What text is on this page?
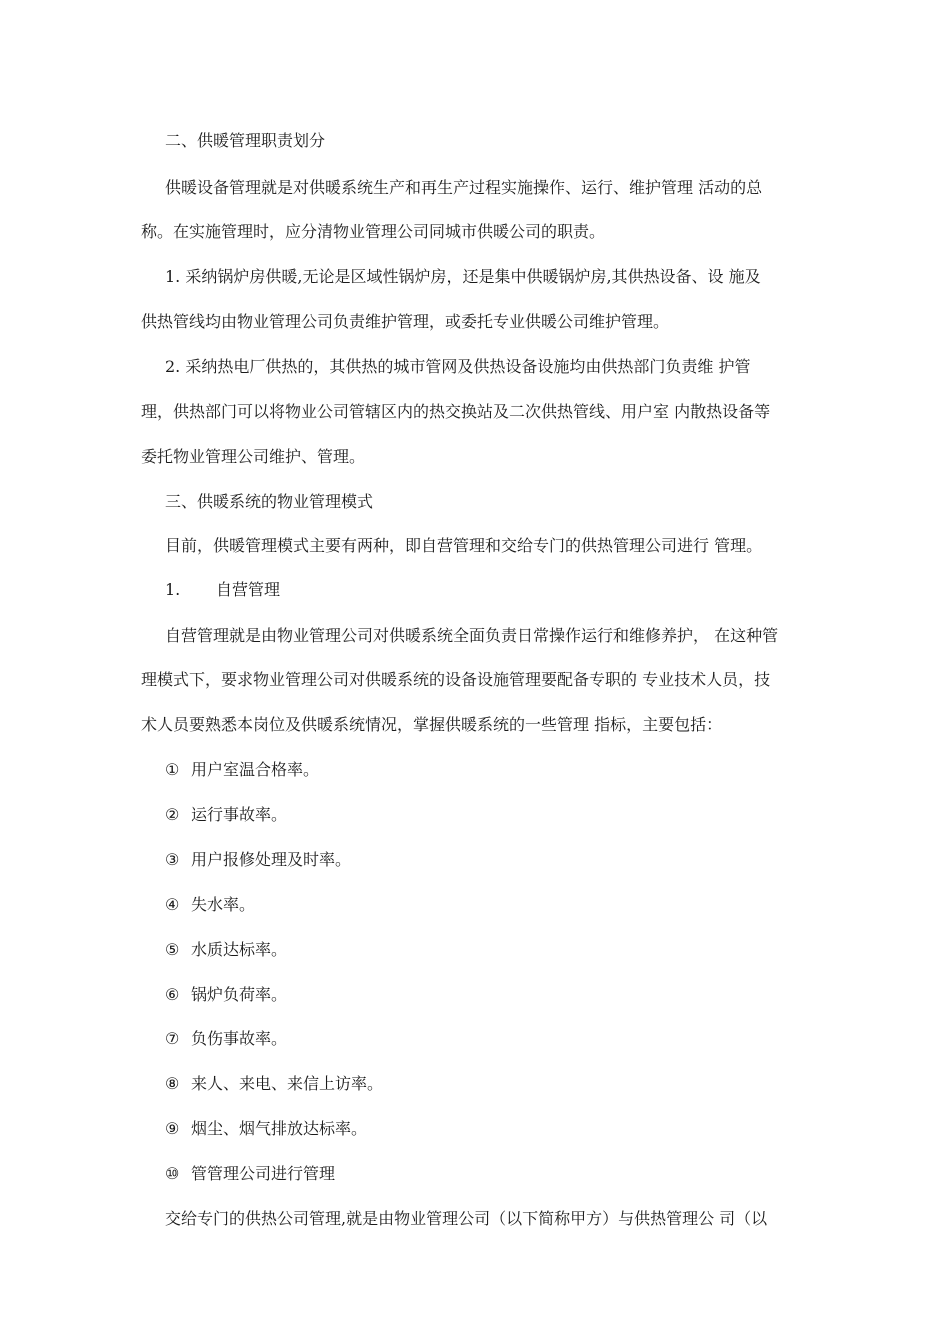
二、供暖管理职责划分
供暖设备管理就是对供暖系统生产和再生产过程实施操作、运行、维护管理 活动的总
称。在实施管理时，应分清物业管理公司同城市供暖公司的职责。
1. 采纳锅炉房供暖,无论是区域性锅炉房，还是集中供暖锅炉房,其供热设备、设 施及
供热管线均由物业管理公司负责维护管理，或委托专业供暖公司维护管理。
2. 采纳热电厂供热的，其供热的城市管网及供热设备设施均由供热部门负责维 护管
理，供热部门可以将物业公司管辖区内的热交换站及二次供热管线、用户室 内散热设备等
委托物业管理公司维护、管理。
三、供暖系统的物业管理模式
目前，供暖管理模式主要有两种，即自营管理和交给专门的供热管理公司进行 管理。
1. 自营管理
自营管理就是由物业管理公司对供暖系统全面负责日常操作运行和维修养护， 在这种管
理模式下，要求物业管理公司对供暖系统的设备设施管理要配备专职的 专业技术人员，技
术人员要熟悉本岗位及供暖系统情况，掌握供暖系统的一些管理 指标，主要包括：
① 用户室温合格率。
② 运行事故率。
③ 用户报修处理及时率。
④ 失水率。
⑤ 水质达标率。
⑥ 锅炉负荷率。
⑦ 负伤事故率。
⑧ 来人、来电、来信上访率。
⑨ 烟尘、烟气排放达标率。
⑩ 管管理公司进行管理
交给专门的供热公司管理,就是由物业管理公司（以下简称甲方）与供热管理公 司（以
